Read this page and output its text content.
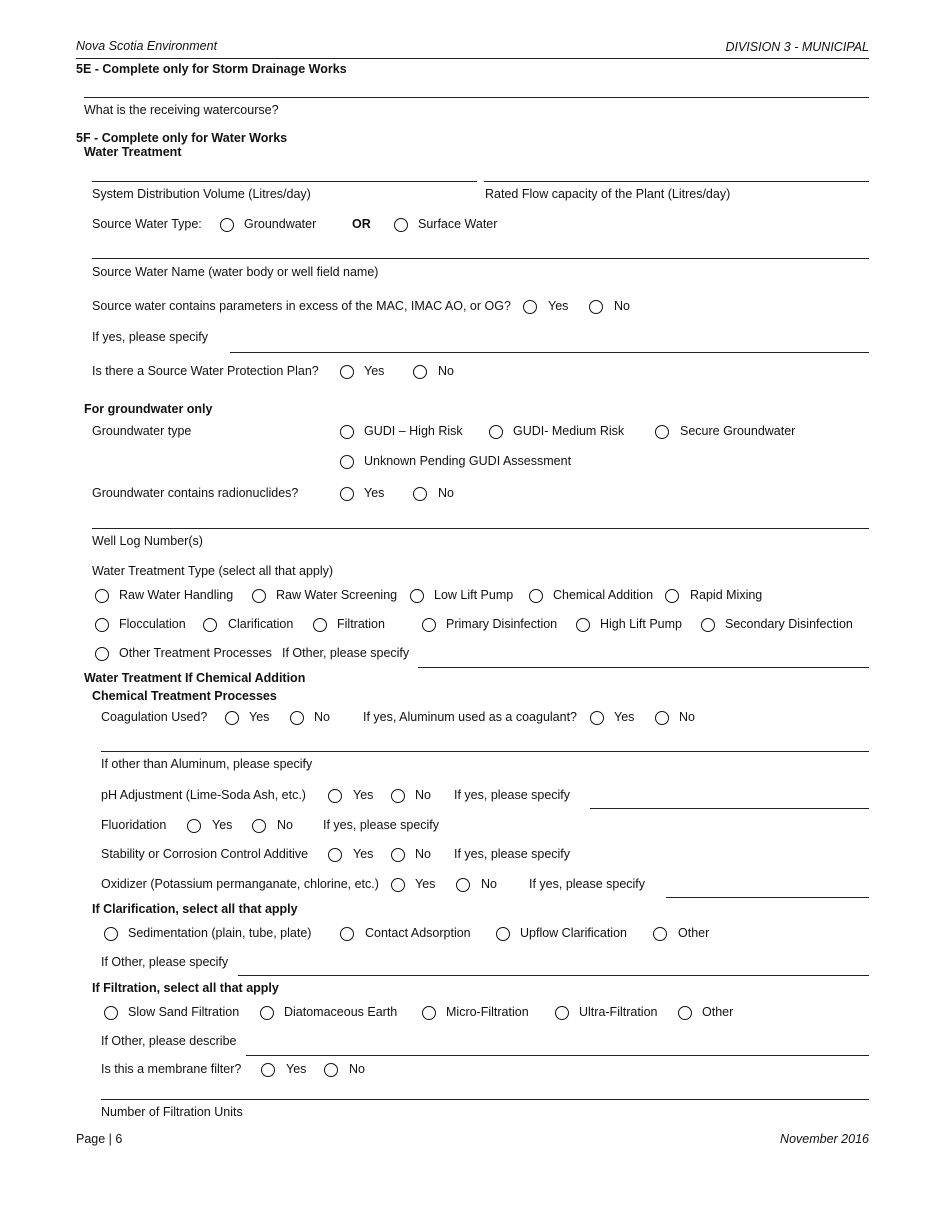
Nova Scotia Environment	DIVISION 3 - MUNICIPAL
5E - Complete only for Storm Drainage Works
What is the receiving watercourse?
5F - Complete only for Water Works
Water Treatment
System Distribution Volume (Litres/day)	Rated Flow capacity of the Plant (Litres/day)
Source Water Type:	Groundwater	OR	Surface Water
Source Water Name (water body or well field name)
Source water contains parameters in excess of the MAC, IMAC AO, or OG?	Yes	No
If yes, please specify
Is there a Source Water Protection Plan?	Yes	No
For groundwater only
Groundwater type	GUDI – High Risk	GUDI- Medium Risk	Secure Groundwater
Unknown Pending GUDI Assessment
Groundwater contains radionuclides?	Yes	No
Well Log Number(s)
Water Treatment Type (select all that apply)
Raw Water Handling	Raw Water Screening	Low Lift Pump	Chemical Addition	Rapid Mixing
Flocculation	Clarification	Filtration	Primary Disinfection	High Lift Pump	Secondary Disinfection
Other Treatment Processes If Other, please specify
Water Treatment If Chemical Addition
Chemical Treatment Processes
Coagulation Used?	Yes	No	If yes, Aluminum used as a coagulant?	Yes	No
If other than Aluminum, please specify
pH Adjustment (Lime-Soda Ash, etc.)	Yes	No If yes, please specify
Fluoridation	Yes	No If yes, please specify
Stability or Corrosion Control Additive	Yes	No If yes, please specify
Oxidizer (Potassium permanganate, chlorine, etc.)	Yes	No	If yes, please specify
If Clarification, select all that apply
Sedimentation (plain, tube, plate)	Contact Adsorption	Upflow Clarification	Other
If Other, please specify
If Filtration, select all that apply
Slow Sand Filtration	Diatomaceous Earth	Micro-Filtration	Ultra-Filtration	Other
If Other, please describe
Is this a membrane filter?	Yes	No
Number of Filtration Units
Page | 6	November 2016
